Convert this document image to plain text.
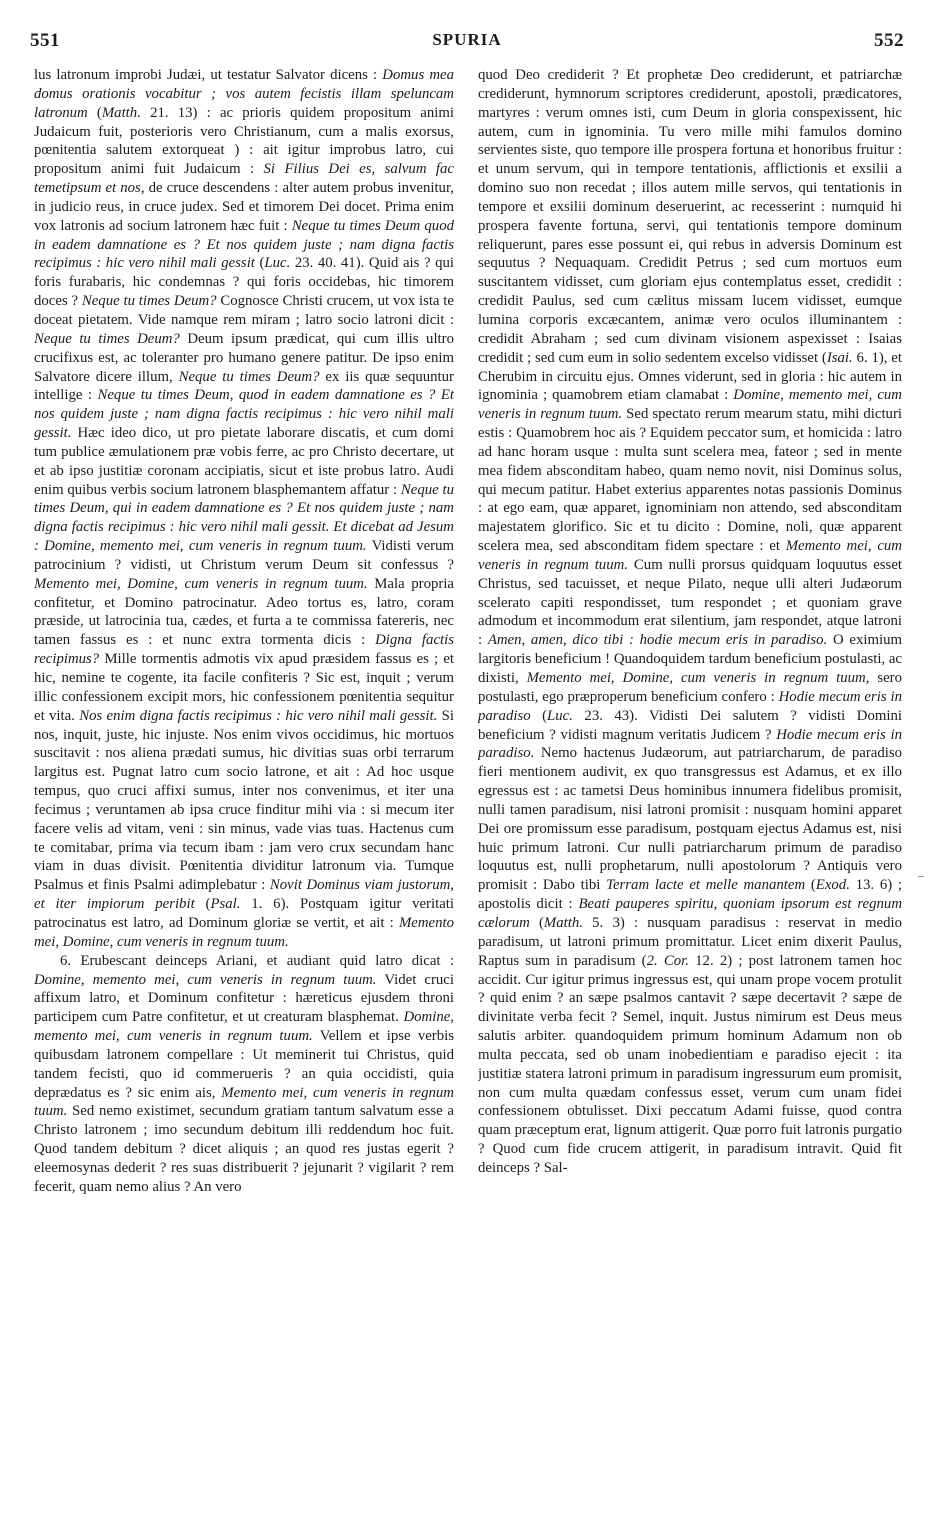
551	SPURIA	552

lus latronum improbi Judæi, ut testatur Salvator dicens : Domus mea domus orationis vocabitur ; vos autem fecistis illam speluncam latronum (Matth. 21. 13) : ac prioris quidem propositum animi Judaicum fuit, posterioris vero Christianum, cum a malis exorsus, pœnitentia salutem extorqueat ) : ait igitur improbus latro, cui propositum animi fuit Judaicum : Si Filius Dei es, salvum fac temetipsum et nos, de cruce descendens : alter autem probus invenitur, in judicio reus, in cruce judex. Sed et timorem Dei docet. Prima enim vox latronis ad socium latronem hæc fuit : Neque tu times Deum quod in eadem damnatione es ? Et nos quidem juste ; nam digna factis recipimus : hic vero nihil mali gessit (Luc. 23. 40. 41). Quid ais ? qui foris furabaris, hic condemnas ? qui foris occidebas, hic timorem doces ? Neque tu times Deum? Cognosce Christi crucem, ut vox ista te doceat pietatem. Vide namque rem miram ; latro socio latroni dicit : Neque tu times Deum? Deum ipsum prædicat, qui cum illis ultro crucifixus est, ac toleranter pro humano genere patitur. De ipso enim Salvatore dicere illum, Neque tu times Deum? ex iis quæ sequuntur intellige : Neque tu times Deum, quod in eadem damnatione es ? Et nos quidem juste ; nam digna factis recipimus : hic vero nihil mali gessit. Hæc ideo dico, ut pro pietate laborare discatis, et cum domi tum publice æmulationem præ vobis ferre, ac pro Christo decertare, ut et ab ipso justitiæ coronam accipiatis, sicut et iste probus latro. Audi enim quibus verbis socium latronem blasphemantem affatur : Neque tu times Deum, qui in eadem damnatione es ? Et nos quidem juste ; nam digna factis recipimus : hic vero nihil mali gessit. Et dicebat ad Jesum : Domine, memento mei, cum veneris in regnum tuum. Vidisti verum patrocinium ? vidisti, ut Christum verum Deum sit confessus ? Memento mei, Domine, cum veneris in regnum tuum. Mala propria confitetur, et Domino patrocinatur. Adeo tortus es, latro, coram præside, ut latrocinia tua, cædes, et furta a te commissa fatereris, nec tamen fassus es : et nunc extra tormenta dicis : Digna factis recipimus? Mille tormentis admotis vix apud præsidem fassus es ; et hic, nemine te cogente, ita facile confiteris ? Sic est, inquit ; verum illic confessionem excipit mors, hic confessionem pœnitentia sequitur et vita. Nos enim digna factis recipimus : hic vero nihil mali gessit. Si nos, inquit, juste, hic injuste. Nos enim vivos occidimus, hic mortuos suscitavit : nos aliena prædati sumus, hic divitias suas orbi terrarum largitus est. Pugnat latro cum socio latrone, et ait : Ad hoc usque tempus, quo cruci affixi sumus, inter nos convenimus, et iter una fecimus ; veruntamen ab ipsa cruce finditur mihi via : si mecum iter facere velis ad vitam, veni : sin minus, vade vias tuas. Hactenus cum te comitabar, prima via tecum ibam : jam vero crux secundam hanc viam in duas divisit. Pœnitentia dividitur latronum via. Tumque Psalmus et finis Psalmi adimplebatur : Novit Dominus viam justorum, et iter impiorum peribit (Psal. 1. 6). Postquam igitur veritati patrocinatus est latro, ad Dominum gloriæ se vertit, et ait : Memento mei, Domine, cum veneris in regnum tuum.

6. Erubescant deinceps Ariani, et audiant quid latro dicat : Domine, memento mei, cum veneris in regnum tuum. Videt cruci affixum latro, et Dominum confitetur : hæreticus ejusdem throni participem cum Patre confitetur, et ut creaturam blasphemat. Domine, memento mei, cum veneris in regnum tuum. Vellem et ipse verbis quibusdam latronem compellare : Ut meminerit tui Christus, quid tandem fecisti, quo id commerueris ? an quia occidisti, quia deprædatus es ? sic enim ais, Memento mei, cum veneris in regnum tuum. Sed nemo existimet, secundum gratiam tantum salvatum esse a Christo latronem ; imo secundum debitum illi reddendum hoc fuit. Quod tandem debitum ? dicet aliquis ; an quod res justas egerit ? eleemosynas dederit ? res suas distribuerit ? jejunarit ? vigilarit ? rem fecerit, quam nemo alius ? An vero

quod Deo crediderit ? Et prophetæ Deo crediderunt, et patriarchæ crediderunt, hymnorum scriptores crediderunt, apostoli, prædicatores, martyres : verum omnes isti, cum Deum in gloria conspexissent, hic autem, cum in ignominia. Tu vero mille mihi famulos domino servientes siste, quo tempore ille prospera fortuna et honoribus fruitur : et unum servum, qui in tempore tentationis, afflictionis et exsilii a domino suo non recedat ; illos autem mille servos, qui tentationis in tempore et exsilii dominum deseruerint, ac recesserint : numquid hi prospera favente fortuna, servi, qui tentationis tempore dominum reliquerunt, pares esse possunt ei, qui rebus in adversis Dominum est sequutus ? Nequaquam. Credidit Petrus ; sed cum mortuos eum suscitantem vidisset, cum gloriam ejus contemplatus esset, credidit : credidit Paulus, sed cum cælitus missam lucem vidisset, eumque lumina corporis excæcantem, animæ vero oculos illuminantem : credidit Abraham ; sed cum divinam visionem aspexisset : Isaias credidit ; sed cum eum in solio sedentem excelso vidisset (Isai. 6. 1), et Cherubim in circuitu ejus. Omnes viderunt, sed in gloria : hic autem in ignominia ; quamobrem etiam clamabat : Domine, memento mei, cum veneris in regnum tuum. Sed spectato rerum mearum statu, mihi dicturi estis : Quamobrem hoc ais ? Equidem peccator sum, et homicida : latro ad hanc horam usque : multa sunt scelera mea, fateor ; sed in mente mea fidem absconditam habeo, quam nemo novit, nisi Dominus solus, qui mecum patitur. Habet exterius apparentes notas passionis Dominus : at ego eam, quæ apparet, ignominiam non attendo, sed absconditam majestatem glorifico. Sic et tu dicito : Domine, noli, quæ apparent scelera mea, sed absconditam fidem spectare : et Memento mei, cum veneris in regnum tuum. Cum nulli prorsus quidquam loquutus esset Christus, sed tacuisset, et neque Pilato, neque ulli alteri Judæorum scelerato capiti respondisset, tum respondet ; et quoniam grave admodum et incommodum erat silentium, jam respondet, atque latroni : Amen, amen, dico tibi : hodie mecum eris in paradiso. O eximium largitoris beneficium ! Quandoquidem tardum beneficium postulasti, ac dixisti, Memento mei, Domine, cum veneris in regnum tuum, sero postulasti, ego præproperum beneficium confero : Hodie mecum eris in paradiso (Luc. 23. 43). Vidisti Dei salutem ? vidisti Domini beneficium ? vidisti magnum veritatis Judicem ? Hodie mecum eris in paradiso. Nemo hactenus Judæorum, aut patriarcharum, de paradiso fieri mentionem audivit, ex quo transgressus est Adamus, et ex illo egressus est : ac tametsi Deus hominibus innumera fidelibus promisit, nulli tamen paradisum, nisi latroni promisit : nusquam homini apparet Dei ore promissum esse paradisum, postquam ejectus Adamus est, nisi huic primum latroni. Cur nulli patriarcharum primum de paradiso loquutus est, nulli prophetarum, nulli apostolorum ? Antiquis vero promisit : Dabo tibi Terram lacte et melle manantem (Exod. 13. 6) ; apostolis dicit : Beati pauperes spiritu, quoniam ipsorum est regnum cælorum (Matth. 5. 3) : nusquam paradisus : reservat in medio paradisum, ut latroni primum promittatur. Licet enim dixerit Paulus, Raptus sum in paradisum (2. Cor. 12. 2) ; post latronem tamen hoc accidit. Cur igitur primus ingressus est, qui unam prope vocem protulit ? quid enim ? an sæpe psalmos cantavit ? sæpe decertavit ? sæpe de divinitate verba fecit ? Semel, inquit. Justus nimirum est Deus meus salutis arbiter. quandoquidem primum hominum Adamum non ob multa peccata, sed ob unam inobedientiam e paradiso ejecit : ita justitiæ statera latroni primum in paradisum ingressurum eum promisit, non cum multa quædam confessus esset, verum cum unam fidei confessionem obtulisset. Dixi peccatum Adami fuisse, quod contra quam præceptum erat, lignum attigerit. Quæ porro fuit latronis purgatio ? Quod cum fide crucem attigerit, in paradisum intravit. Quid fit deinceps ? Sal-

–
